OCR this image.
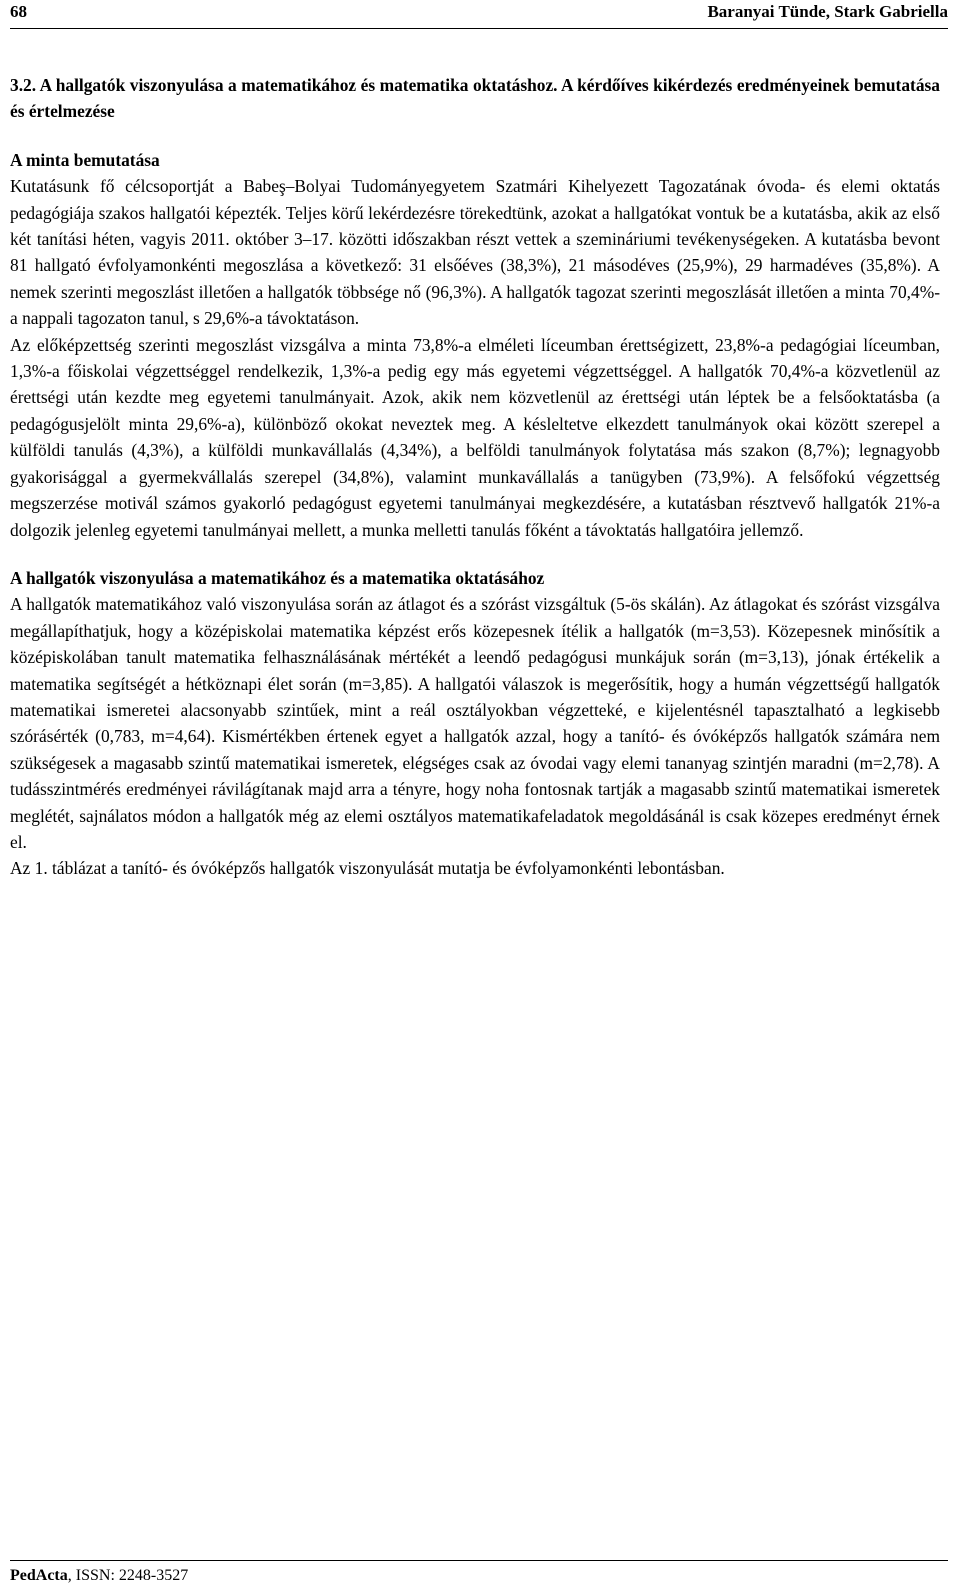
68	Baranyai Tünde, Stark Gabriella

3.2. A hallgatók viszonyulása a matematikához és matematika oktatáshoz. A kérdőíves kikérdezés eredményeinek bemutatása és értelmezése

A minta bemutatása

Kutatásunk fő célcsoportját a Babeş–Bolyai Tudományegyetem Szatmári Kihelyezett Tagozatának óvoda- és elemi oktatás pedagógiája szakos hallgatói képezték. Teljes körű lekérdezésre törekedtünk, azokat a hallgatókat vontuk be a kutatásba, akik az első két tanítási héten, vagyis 2011. október 3–17. közötti időszakban részt vettek a szemináriumi tevékenységeken. A kutatásba bevont 81 hallgató évfolyamonkénti megoszlása a következő: 31 elsőéves (38,3%), 21 másodéves (25,9%), 29 harmadéves (35,8%). A nemek szerinti megoszlást illetően a hallgatók többsége nő (96,3%). A hallgatók tagozat szerinti megoszlását illetően a minta 70,4%-a nappali tagozaton tanul, s 29,6%-a távoktatáson.

Az előképzettség szerinti megoszlást vizsgálva a minta 73,8%-a elméleti líceumban érettségizett, 23,8%-a pedagógiai líceumban, 1,3%-a főiskolai végzettséggel rendelkezik, 1,3%-a pedig egy más egyetemi végzettséggel. A hallgatók 70,4%-a közvetlenül az érettségi után kezdte meg egyetemi tanulmányait. Azok, akik nem közvetlenül az érettségi után léptek be a felsőoktatásba (a pedagógusjelölt minta 29,6%-a), különböző okokat neveztek meg. A késleltetve elkezdett tanulmányok okai között szerepel a külföldi tanulás (4,3%), a külföldi munkavállalás (4,34%), a belföldi tanulmányok folytatása más szakon (8,7%); legnagyobb gyakorisággal a gyermekvállalás szerepel (34,8%), valamint munkavállalás a tanügyben (73,9%). A felsőfokú végzettség megszerzése motivál számos gyakorló pedagógust egyetemi tanulmányai megkezdésére, a kutatásban résztvevő hallgatók 21%-a dolgozik jelenleg egyetemi tanulmányai mellett, a munka melletti tanulás főként a távoktatás hallgatóira jellemző.

A hallgatók viszonyulása a matematikához és a matematika oktatásához

A hallgatók matematikához való viszonyulása során az átlagot és a szórást vizsgáltuk (5-ös skálán). Az átlagokat és szórást vizsgálva megállapíthatjuk, hogy a középiskolai matematika képzést erős közepesnek ítélik a hallgatók (m=3,53). Közepesnek minősítik a középiskolában tanult matematika felhasználásának mértékét a leendő pedagógusi munkájuk során (m=3,13), jónak értékelik a matematika segítségét a hétköznapi élet során (m=3,85). A hallgatói válaszok is megerősítik, hogy a humán végzettségű hallgatók matematikai ismeretei alacsonyabb szintűek, mint a reál osztályokban végzetteké, e kijelentésnél tapasztalható a legkisebb szórásérték (0,783, m=4,64). Kismértékben értenek egyet a hallgatók azzal, hogy a tanító- és óvóképzős hallgatók számára nem szükségesek a magasabb szintű matematikai ismeretek, elégséges csak az óvodai vagy elemi tananyag szintjén maradni (m=2,78). A tudásszintmérés eredményei rávilágítanak majd arra a tényre, hogy noha fontosnak tartják a magasabb szintű matematikai ismeretek meglétét, sajnálatos módon a hallgatók még az elemi osztályos matematikafeladatok megoldásánál is csak közepes eredményt érnek el.

Az 1. táblázat a tanító- és óvóképzős hallgatók viszonyulását mutatja be évfolyamonkénti lebontásban.

PedActa, ISSN: 2248-3527
